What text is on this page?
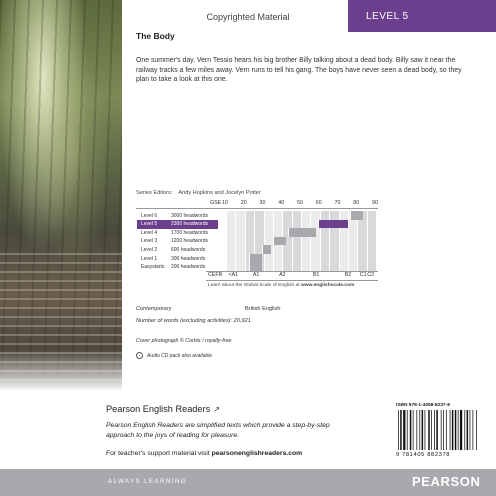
Copyrighted Material	LEVEL 5
The Body
One summer's day, Vern Tessio hears his big brother Billy talking about a dead body. Billy saw it near the railway tracks a few miles away. Vern runs to tell his gang. The boys have never seen a dead body, so they plan to take a look at this one.
Series Editors: Andy Hopkins and Jocelyn Potter
GSE 10 20 30 40 50 60 70 80 90
Level 6	3000 headwords
Level 5	2300 headwords
Level 4	1700 headwords
Level 3	1200 headwords
Level 2	600 headwords
Level 1	300 headwords
Easystarts	200 headwords
CEFR <A1	A1	A2	B1	B2 C1 C2
Learn about the Global Scale of English at www.englishscale.com
Contemporary	British English
Number of words (excluding activities): 20,921
Cover photograph © Corbis / royalty-free
Audio CD pack also available
Pearson English Readers ↗
Pearson English Readers are simplified texts which provide a step-by-step approach to the joys of reading for pleasure.
For teacher's support material visit pearsonenglishreaders.com
ISBN 978-1-4058-8237-8
9 781405 882378
ALWAYS LEARNING	PEARSON
